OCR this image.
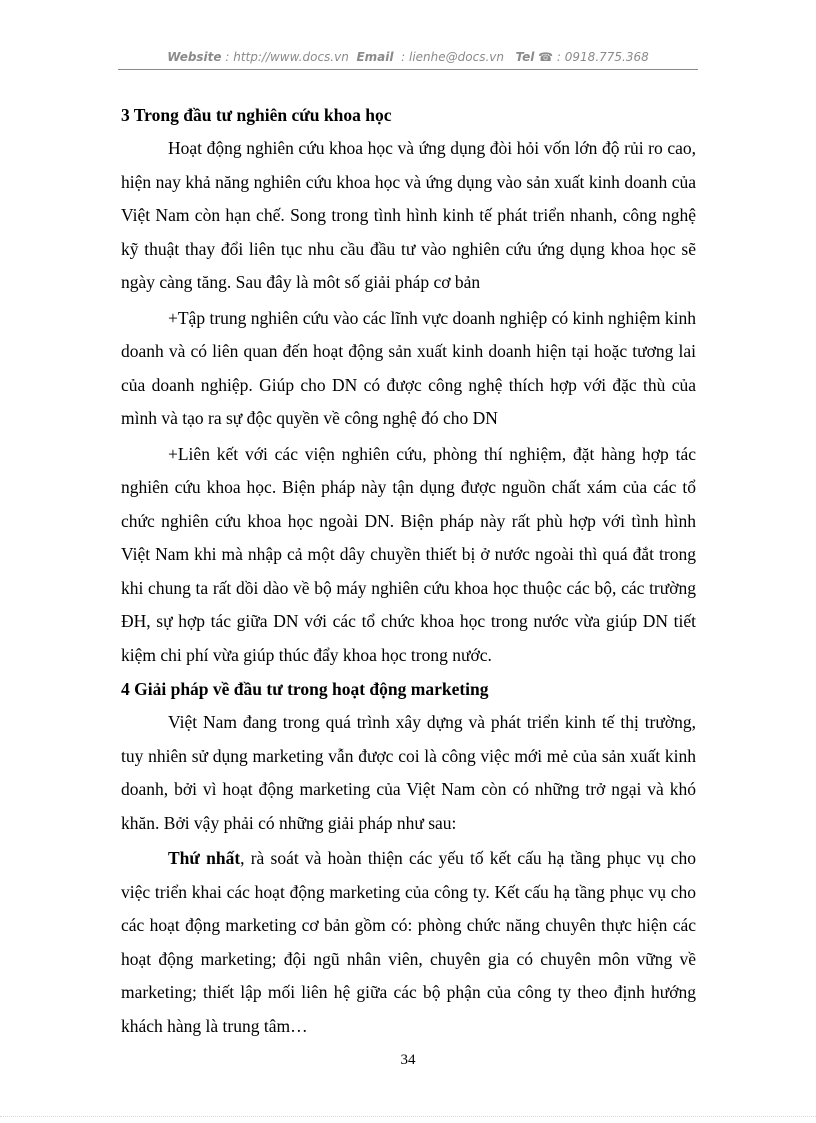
Website : http://www.docs.vn Email : lienhe@docs.vn Tel ☎ : 0918.775.368

3 Trong đầu tư nghiên cứu khoa học

Hoạt động nghiên cứu khoa học và ứng dụng đòi hỏi vốn lớn độ rủi ro cao, hiện nay khả năng nghiên cứu khoa học và ứng dụng vào sản xuất kinh doanh của Việt Nam còn hạn chế. Song trong tình hình kinh tế phát triển nhanh, công nghệ kỹ thuật thay đổi liên tục nhu cầu đầu tư vào nghiên cứu ứng dụng khoa học sẽ ngày càng tăng. Sau đây là môt số giải pháp cơ bản

+Tập trung nghiên cứu vào các lĩnh vực doanh nghiệp có kinh nghiệm kinh doanh và có liên quan đến hoạt động sản xuất kinh doanh hiện tại hoặc tương lai của doanh nghiệp. Giúp cho DN có được công nghệ thích hợp với đặc thù của mình và tạo ra sự độc quyền về công nghệ đó cho DN

+Liên kết với các viện nghiên cứu, phòng thí nghiệm, đặt hàng hợp tác nghiên cứu khoa học. Biện pháp này tận dụng được nguồn chất xám của các tổ chức nghiên cứu khoa học ngoài DN. Biện pháp này rất phù hợp với tình hình Việt Nam khi mà nhập cả một dây chuyền thiết bị ở nước ngoài thì quá đắt trong khi chung ta rất dồi dào về bộ máy nghiên cứu khoa học thuộc các bộ, các trường ĐH, sự hợp tác giữa DN với các tổ chức khoa học trong nước vừa giúp DN tiết kiệm chi phí vừa giúp thúc đẩy khoa học trong nước.

4 Giải pháp về đầu tư trong hoạt động marketing

Việt Nam đang trong quá trình xây dựng và phát triển kinh tế thị trường, tuy nhiên sử dụng marketing vẫn được coi là công việc mới mẻ của sản xuất kinh doanh, bởi vì hoạt động marketing của Việt Nam còn có những trở ngại và khó khăn. Bởi vậy phải có những giải pháp như sau:

Thứ nhất, rà soát và hoàn thiện các yếu tố kết cấu hạ tầng phục vụ cho việc triển khai các hoạt động marketing của công ty. Kết cấu hạ tầng phục vụ cho các hoạt động marketing cơ bản gồm có: phòng chức năng chuyên thực hiện các hoạt động marketing; đội ngũ nhân viên, chuyên gia có chuyên môn vững về marketing; thiết lập mối liên hệ giữa các bộ phận của công ty theo định hướng khách hàng là trung tâm…

34
